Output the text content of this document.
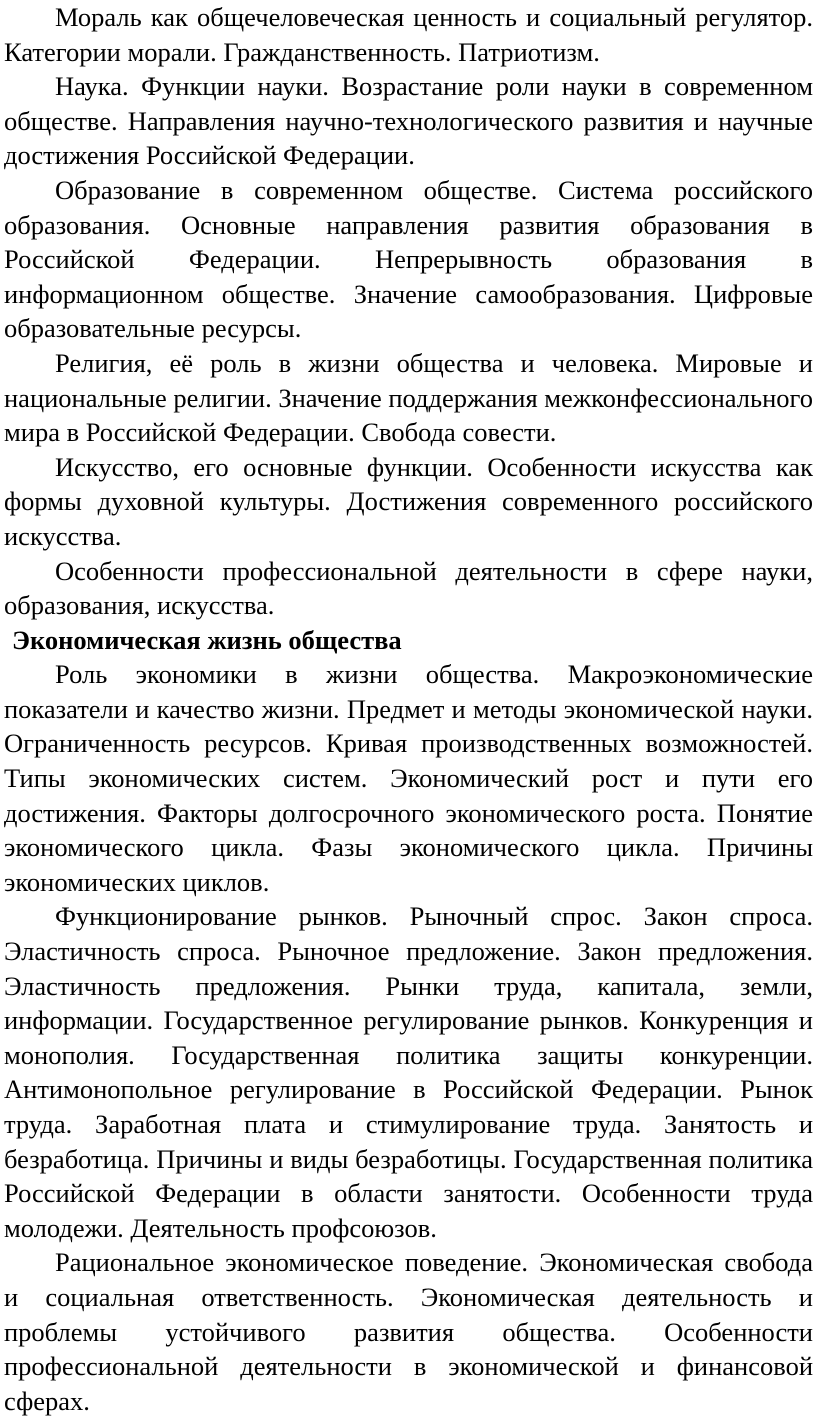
Мораль как общечеловеческая ценность и социальный регулятор. Категории морали. Гражданственность. Патриотизм.

Наука. Функции науки. Возрастание роли науки в современном обществе. Направления научно-технологического развития и научные достижения Российской Федерации.

Образование в современном обществе. Система российского образования. Основные направления развития образования в Российской Федерации. Непрерывность образования в информационном обществе. Значение самообразования. Цифровые образовательные ресурсы.

Религия, её роль в жизни общества и человека. Мировые и национальные религии. Значение поддержания межконфессионального мира в Российской Федерации. Свобода совести.

Искусство, его основные функции. Особенности искусства как формы духовной культуры. Достижения современного российского искусства.

Особенности профессиональной деятельности в сфере науки, образования, искусства.

Экономическая жизнь общества

Роль экономики в жизни общества. Макроэкономические показатели и качество жизни. Предмет и методы экономической науки. Ограниченность ресурсов. Кривая производственных возможностей. Типы экономических систем. Экономический рост и пути его достижения. Факторы долгосрочного экономического роста. Понятие экономического цикла. Фазы экономического цикла. Причины экономических циклов.

Функционирование рынков. Рыночный спрос. Закон спроса. Эластичность спроса. Рыночное предложение. Закон предложения. Эластичность предложения. Рынки труда, капитала, земли, информации. Государственное регулирование рынков. Конкуренция и монополия. Государственная политика защиты конкуренции. Антимонопольное регулирование в Российской Федерации. Рынок труда. Заработная плата и стимулирование труда. Занятость и безработица. Причины и виды безработицы. Государственная политика Российской Федерации в области занятости. Особенности труда молодежи. Деятельность профсоюзов.

Рациональное экономическое поведение. Экономическая свобода и социальная ответственность. Экономическая деятельность и проблемы устойчивого развития общества. Особенности профессиональной деятельности в экономической и финансовой сферах.
